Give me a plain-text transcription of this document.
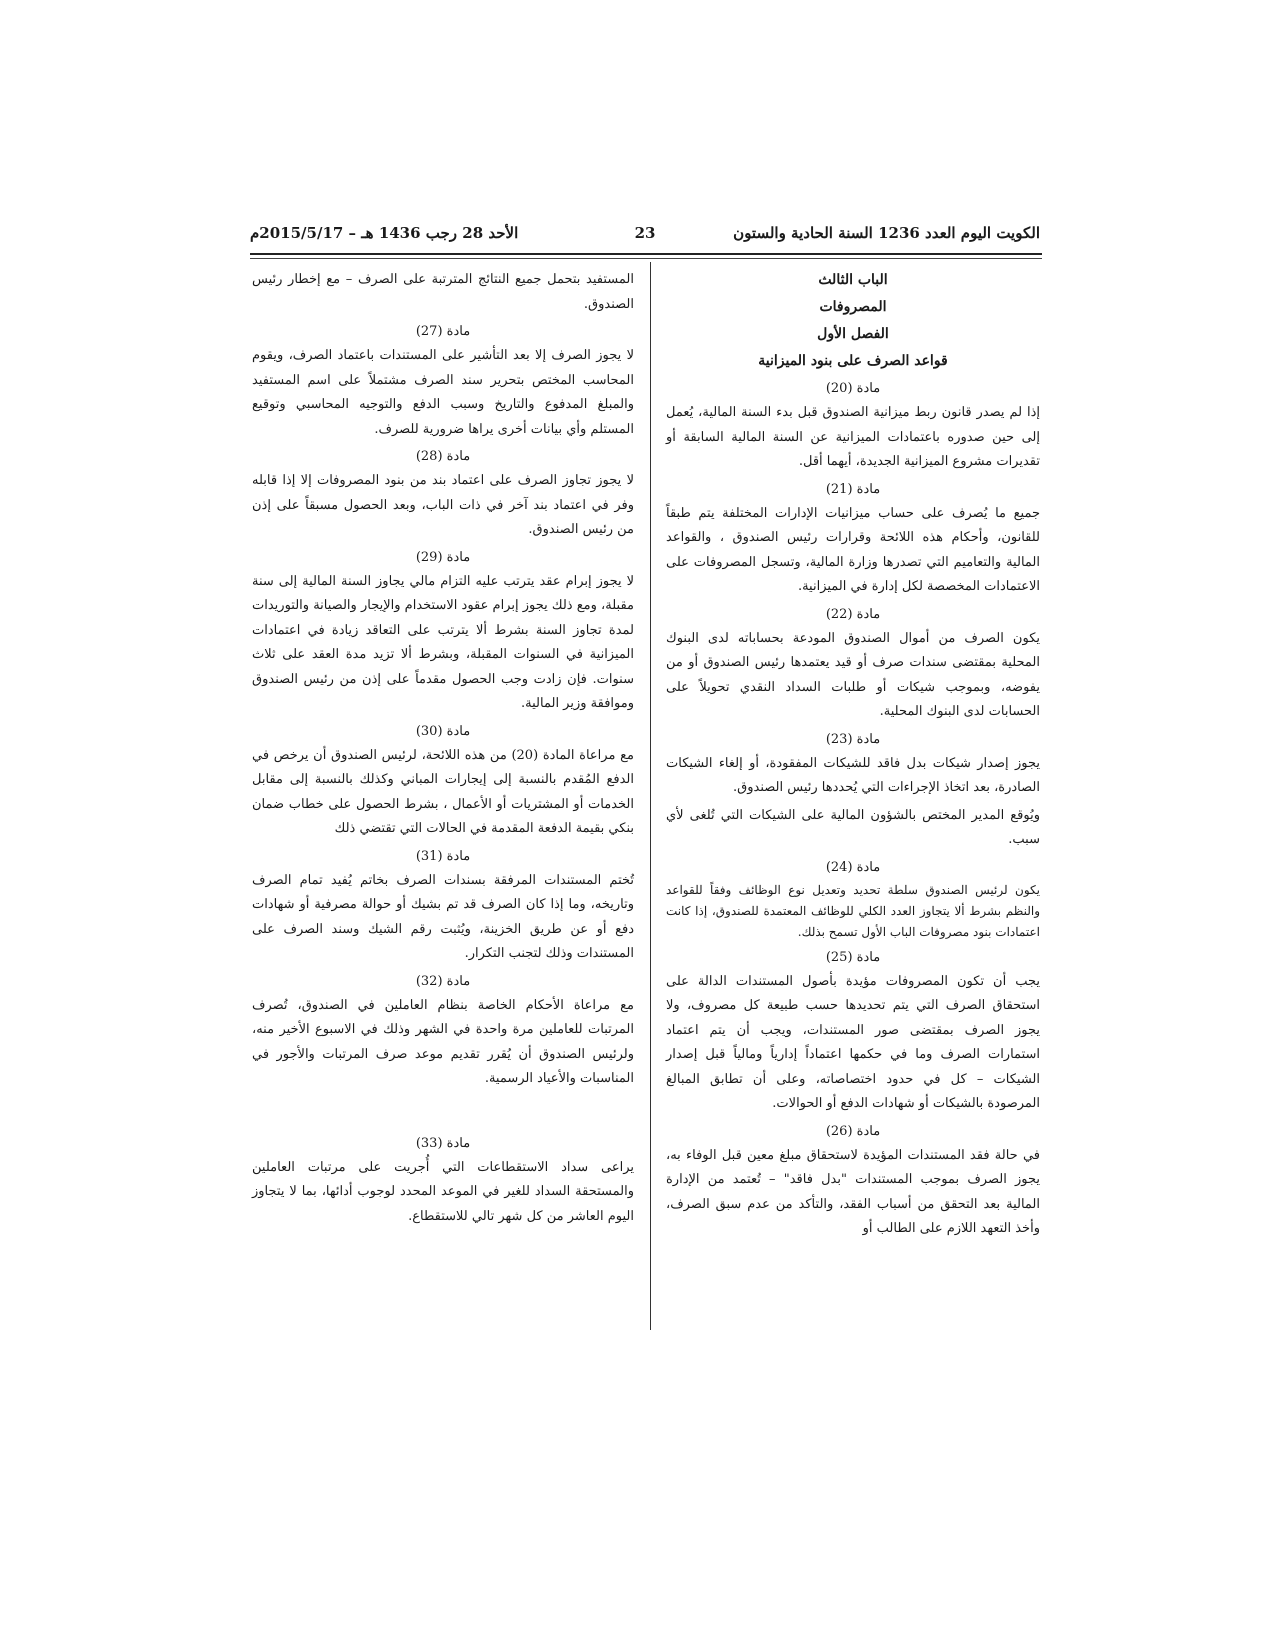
الكويت اليوم العدد 1236 السنة الحادية والستون
23
الأحد 28 رجب 1436 هـ – 2015/5/17م

الباب الثالث

المصروفات

الفصل الأول

قواعد الصرف على بنود الميزانية

مادة (20)

إذا لم يصدر قانون ربط ميزانية الصندوق قبل بدء السنة المالية، يُعمل إلى حين صدوره باعتمادات الميزانية عن السنة المالية السابقة أو تقديرات مشروع الميزانية الجديدة، أيهما أقل.

مادة (21)

جميع ما يُصرف على حساب ميزانيات الإدارات المختلفة يتم طبقاً للقانون، وأحكام هذه اللائحة وقرارات رئيس الصندوق ، والقواعد المالية والتعاميم التي تصدرها وزارة المالية، وتسجل المصروفات على الاعتمادات المخصصة لكل إدارة في الميزانية.

مادة (22)

يكون الصرف من أموال الصندوق المودعة بحساباته لدى البنوك المحلية بمقتضى سندات صرف أو قيد يعتمدها رئيس الصندوق أو من يفوضه، وبموجب شيكات أو طلبات السداد النقدي تحويلاً على الحسابات لدى البنوك المحلية.

مادة (23)

يجوز إصدار شيكات بدل فاقد للشيكات المفقودة، أو إلغاء الشيكات الصادرة، بعد اتخاذ الإجراءات التي يُحددها رئيس الصندوق.

ويُوقع المدير المختص بالشؤون المالية على الشيكات التي تُلغى لأي سبب.

مادة (24)

يكون لرئيس الصندوق سلطة تحديد وتعديل نوع الوظائف وفقاً للقواعد والنظم بشرط ألا يتجاوز العدد الكلي للوظائف المعتمدة للصندوق، إذا كانت اعتمادات بنود مصروفات الباب الأول تسمح بذلك.

مادة (25)

يجب أن تكون المصروفات مؤيدة بأصول المستندات الدالة على استحقاق الصرف التي يتم تحديدها حسب طبيعة كل مصروف، ولا يجوز الصرف بمقتضى صور المستندات، ويجب أن يتم اعتماد استمارات الصرف وما في حكمها اعتماداً إدارياً ومالياً قبل إصدار الشيكات – كل في حدود اختصاصاته، وعلى أن تطابق المبالغ المرصودة بالشيكات أو شهادات الدفع أو الحوالات.

مادة (26)

في حالة فقد المستندات المؤيدة لاستحقاق مبلغ معين قبل الوفاء به، يجوز الصرف بموجب المستندات "بدل فاقد" – تُعتمد من الإدارة المالية بعد التحقق من أسباب الفقد، والتأكد من عدم سبق الصرف، وأخذ التعهد اللازم على الطالب أو

المستفيد بتحمل جميع النتائج المترتبة على الصرف – مع إخطار رئيس الصندوق.

مادة (27)

لا يجوز الصرف إلا بعد التأشير على المستندات باعتماد الصرف، ويقوم المحاسب المختص بتحرير سند الصرف مشتملاً على اسم المستفيد والمبلغ المدفوع والتاريخ وسبب الدفع والتوجيه المحاسبي وتوقيع المستلم وأي بيانات أخرى يراها ضرورية للصرف.

مادة (28)

لا يجوز تجاوز الصرف على اعتماد بند من بنود المصروفات إلا إذا قابله وفر في اعتماد بند آخر في ذات الباب، وبعد الحصول مسبقاً على إذن من رئيس الصندوق.

مادة (29)

لا يجوز إبرام عقد يترتب عليه التزام مالي يجاوز السنة المالية إلى سنة مقبلة، ومع ذلك يجوز إبرام عقود الاستخدام والإيجار والصيانة والتوريدات لمدة تجاوز السنة بشرط ألا يترتب على التعاقد زيادة في اعتمادات الميزانية في السنوات المقبلة، وبشرط ألا تزيد مدة العقد على ثلاث سنوات. فإن زادت وجب الحصول مقدماً على إذن من رئيس الصندوق وموافقة وزير المالية.

مادة (30)

مع مراعاة المادة (20) من هذه اللائحة، لرئيس الصندوق أن يرخص في الدفع المُقدم بالنسبة إلى إيجارات المباني وكذلك بالنسبة إلى مقابل الخدمات أو المشتريات أو الأعمال ، بشرط الحصول على خطاب ضمان بنكي بقيمة الدفعة المقدمة في الحالات التي تقتضي ذلك

مادة (31)

تُختم المستندات المرفقة بسندات الصرف بخاتم يُفيد تمام الصرف وتاريخه، وما إذا كان الصرف قد تم بشيك أو حوالة مصرفية أو شهادات دفع أو عن طريق الخزينة، ويُثبت رقم الشيك وسند الصرف على المستندات وذلك لتجنب التكرار.

مادة (32)

مع مراعاة الأحكام الخاصة بنظام العاملين في الصندوق، تُصرف المرتبات للعاملين مرة واحدة في الشهر وذلك في الاسبوع الأخير منه، ولرئيس الصندوق أن يُقرر تقديم موعد صرف المرتبات والأجور في المناسبات والأعياد الرسمية.

مادة (33)

يراعى سداد الاستقطاعات التي أُجريت على مرتبات العاملين والمستحقة السداد للغير في الموعد المحدد لوجوب أدائها، بما لا يتجاوز اليوم العاشر من كل شهر تالي للاستقطاع.
